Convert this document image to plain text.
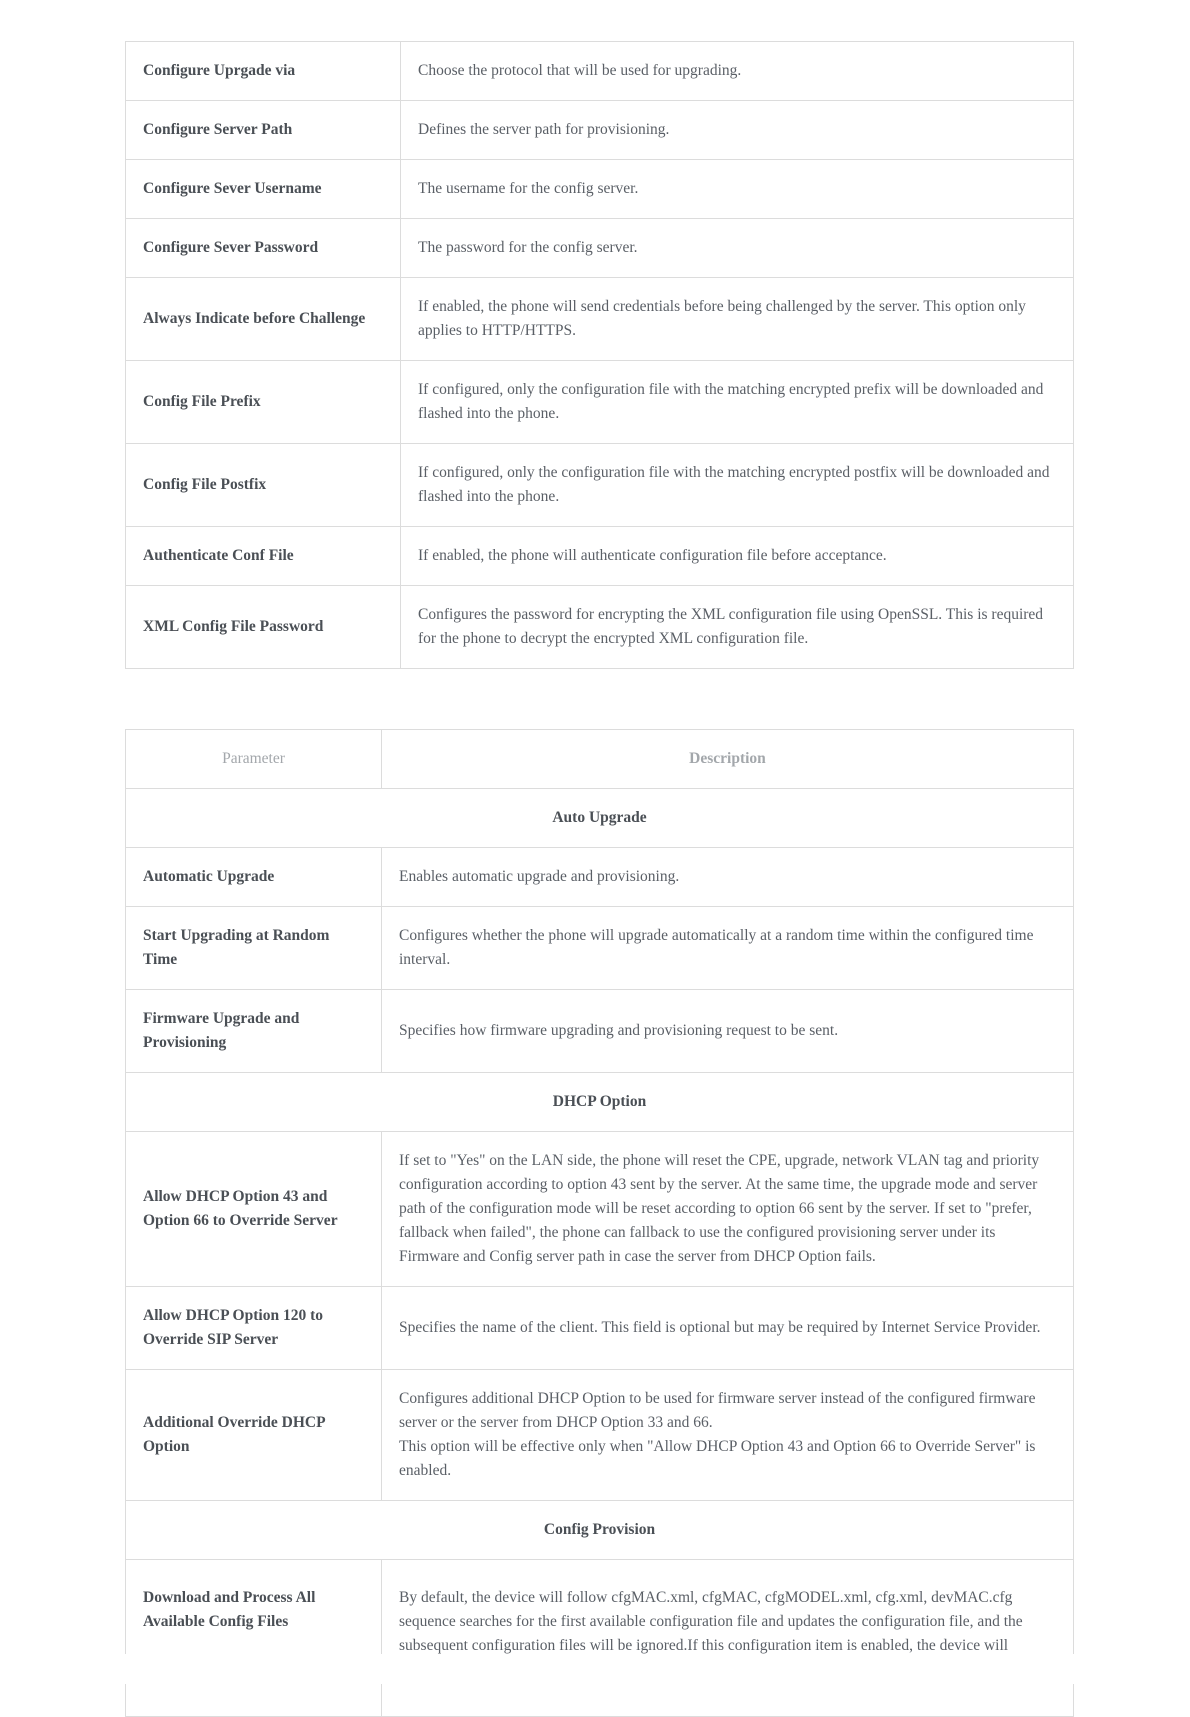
Configure Uprgade via	Choose the protocol that will be used for upgrading.
Configure Server Path	Defines the server path for provisioning.
Configure Sever Username	The username for the config server.
Configure Sever Password	The password for the config server.
Always Indicate before Challenge	If enabled, the phone will send credentials before being challenged by the server. This option only applies to HTTP/HTTPS.
Config File Prefix	If configured, only the configuration file with the matching encrypted prefix will be downloaded and flashed into the phone.
Config File Postfix	If configured, only the configuration file with the matching encrypted postfix will be downloaded and flashed into the phone.
Authenticate Conf File	If enabled, the phone will authenticate configuration file before acceptance.
XML Config File Password	Configures the password for encrypting the XML configuration file using OpenSSL. This is required for the phone to decrypt the encrypted XML configuration file.
Parameter	Description
Auto Upgrade	
Automatic Upgrade	Enables automatic upgrade and provisioning.
Start Upgrading at Random Time	Configures whether the phone will upgrade automatically at a random time within the configured time interval.
Firmware Upgrade and Provisioning	Specifies how firmware upgrading and provisioning request to be sent.
DHCP Option	
Allow DHCP Option 43 and Option 66 to Override Server	If set to "Yes" on the LAN side, the phone will reset the CPE, upgrade, network VLAN tag and priority configuration according to option 43 sent by the server. At the same time, the upgrade mode and server path of the configuration mode will be reset according to option 66 sent by the server. If set to "prefer, fallback when failed", the phone can fallback to use the configured provisioning server under its Firmware and Config server path in case the server from DHCP Option fails.
Allow DHCP Option 120 to Override SIP Server	Specifies the name of the client. This field is optional but may be required by Internet Service Provider.
Additional Override DHCP Option	Configures additional DHCP Option to be used for firmware server instead of the configured firmware server or the server from DHCP Option 33 and 66.
This option will be effective only when "Allow DHCP Option 43 and Option 66 to Override Server" is enabled.

Config Provision	
Download and Process All Available Config Files	By default, the device will follow cfgMAC.xml, cfgMAC, cfgMODEL.xml, cfg.xml, devMAC.cfg sequence searches for the first available configuration file and updates the configuration file, and the subsequent configuration files will be ignored.If this configuration item is enabled, the device will
